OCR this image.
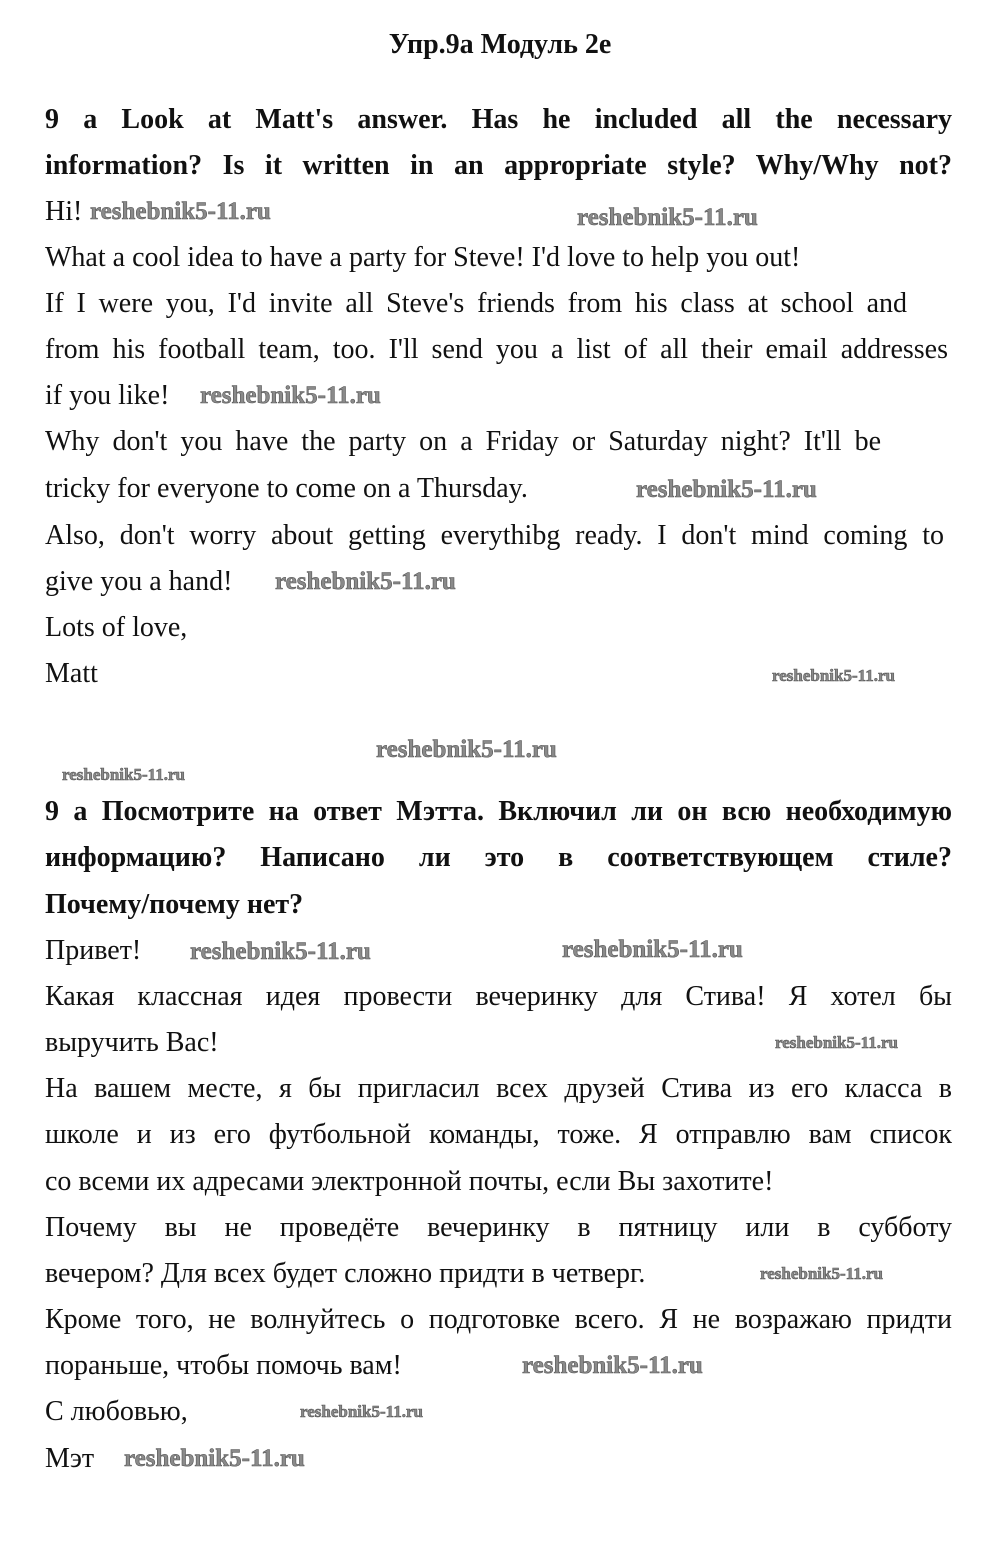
Упр.9a Модуль 2e
9 a Look at Matt's answer. Has he included all the necessary
information? Is it written in an appropriate style? Why/Why not?
Hi!
What a cool idea to have a party for Steve! I'd love to help you out!
If I were you, I'd invite all Steve's friends from his class at school and
from his football team, too. I'll send you a list of all their email addresses
if you like!
Why don't you have the party on a Friday or Saturday night? It'll be
tricky for everyone to come on a Thursday.
Also, don't worry about getting everythibg ready. I don't mind coming to
give you a hand!
Lots of love,
Matt
9 а Посмотрите на ответ Мэтта. Включил ли он всю необходимую
информацию? Написано ли это в соответствующем стиле?
Почему/почему нет?
Привет!
Какая классная идея провести вечеринку для Стива! Я хотел бы
выручить Вас!
На вашем месте, я бы пригласил всех друзей Стива из его класса в
школе и из его футбольной команды, тоже. Я отправлю вам список
со всеми их адресами электронной почты, если Вы захотите!
Почему вы не проведёте вечеринку в пятницу или в субботу
вечером? Для всех будет сложно придти в четверг.
Кроме того, не волнуйтесь о подготовке всего. Я не возражаю придти
пораньше, чтобы помочь вам!
С любовью,
Мэт
reshebnik5-11.ru	reshebnik5-11.ru
reshebnik5-11.ru
reshebnik5-11.ru
reshebnik5-11.ru
reshebnik5-11.ru
reshebnik5-11.ru
reshebnik5-11.ru
reshebnik5-11.ru
reshebnik5-11.ru
reshebnik5-11.ru
reshebnik5-11.ru
reshebnik5-11.ru
reshebnik5-11.ru
reshebnik5-11.ru
